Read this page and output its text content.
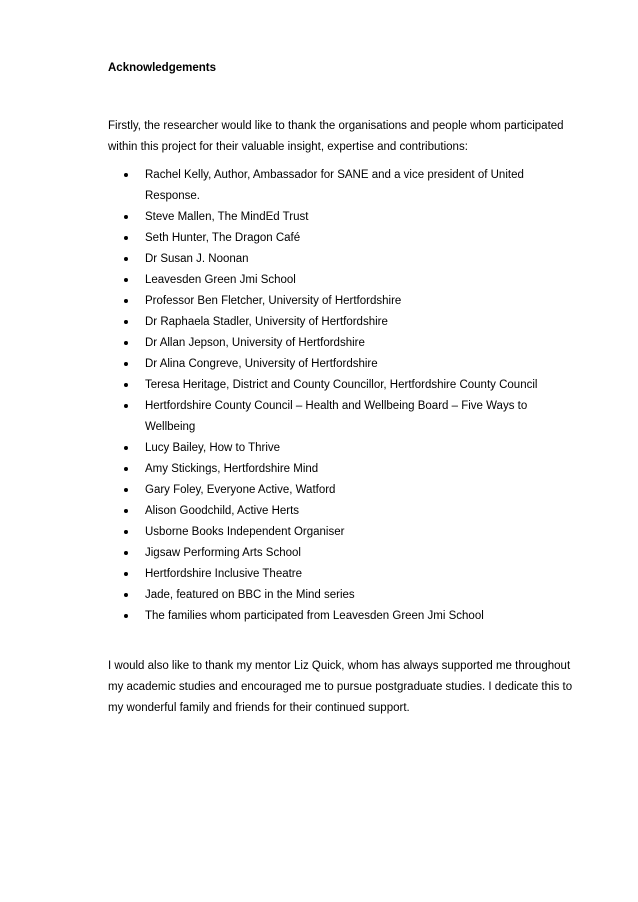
Acknowledgements

Firstly, the researcher would like to thank the organisations and people whom participated within this project for their valuable insight, expertise and contributions:

Rachel Kelly, Author, Ambassador for SANE and a vice president of United Response.
Steve Mallen, The MindEd Trust
Seth Hunter, The Dragon Café
Dr Susan J. Noonan
Leavesden Green Jmi School
Professor Ben Fletcher, University of Hertfordshire
Dr Raphaela Stadler, University of Hertfordshire
Dr Allan Jepson, University of Hertfordshire
Dr Alina Congreve, University of Hertfordshire
Teresa Heritage, District and County Councillor, Hertfordshire County Council
Hertfordshire County Council – Health and Wellbeing Board – Five Ways to Wellbeing
Lucy Bailey, How to Thrive
Amy Stickings, Hertfordshire Mind
Gary Foley, Everyone Active, Watford
Alison Goodchild, Active Herts
Usborne Books Independent Organiser
Jigsaw Performing Arts School
Hertfordshire Inclusive Theatre
Jade, featured on BBC in the Mind series
The families whom participated from Leavesden Green Jmi School

I would also like to thank my mentor Liz Quick, whom has always supported me throughout my academic studies and encouraged me to pursue postgraduate studies. I dedicate this to my wonderful family and friends for their continued support.
